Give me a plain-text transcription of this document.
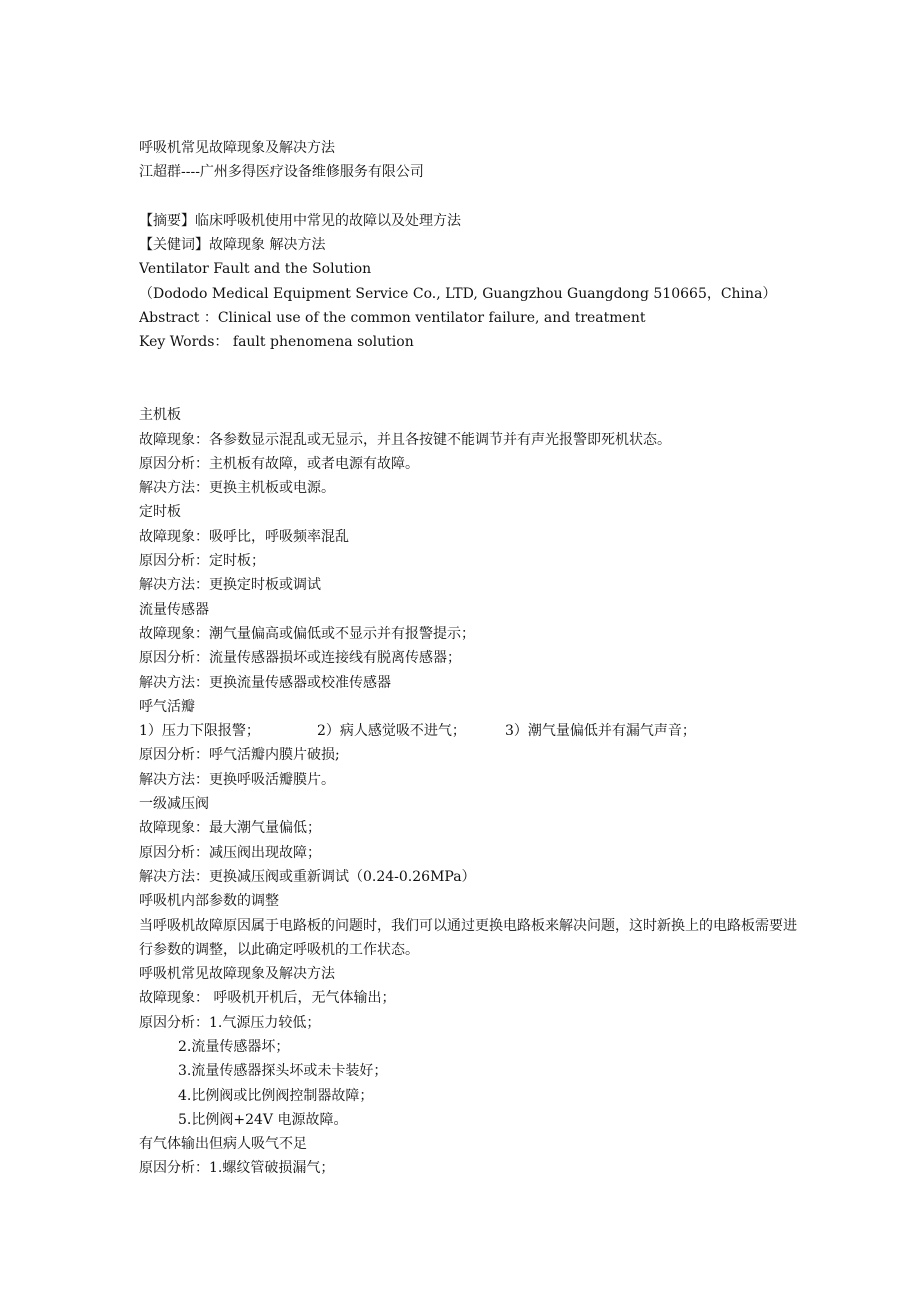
呼吸机常见故障现象及解决方法
江超群----广州多得医疗设备维修服务有限公司
【摘要】临床呼吸机使用中常见的故障以及处理方法
【关健词】故障现象 解决方法
Ventilator Fault and the Solution
（Dododo Medical Equipment Service Co., LTD, Guangzhou Guangdong 510665，China）
Abstract ：Clinical use of the common ventilator failure, and treatment
Key Words： fault phenomena solution
主机板
故障现象：各参数显示混乱或无显示，并且各按键不能调节并有声光报警即死机状态。
原因分析：主机板有故障，或者电源有故障。
解决方法：更换主机板或电源。
定时板
故障现象：吸呼比，呼吸频率混乱
原因分析：定时板；
解决方法：更换定时板或调试
流量传感器
故障现象：潮气量偏高或偏低或不显示并有报警提示；
原因分析：流量传感器损坏或连接线有脱离传感器；
解决方法：更换流量传感器或校准传感器
呼气活瓣
1）压力下限报警；	2）病人感觉吸不进气；	3）潮气量偏低并有漏气声音；
原因分析：呼气活瓣内膜片破损;
解决方法：更换呼吸活瓣膜片。
一级减压阀
故障现象：最大潮气量偏低；
原因分析：减压阀出现故障；
解决方法：更换减压阀或重新调试（0.24-0.26MPa）
呼吸机内部参数的调整
当呼吸机故障原因属于电路板的问题时，我们可以通过更换电路板来解决问题，这时新换上的电路板需要进行参数的调整，以此确定呼吸机的工作状态。
呼吸机常见故障现象及解决方法
故障现象： 呼吸机开机后，无气体输出；
原因分析：1.气源压力较低；
2.流量传感器坏；
3.流量传感器探头坏或未卡装好；
4.比例阀或比例阀控制器故障；
5.比例阀+24V 电源故障。
有气体输出但病人吸气不足
原因分析：1.螺纹管破损漏气；
